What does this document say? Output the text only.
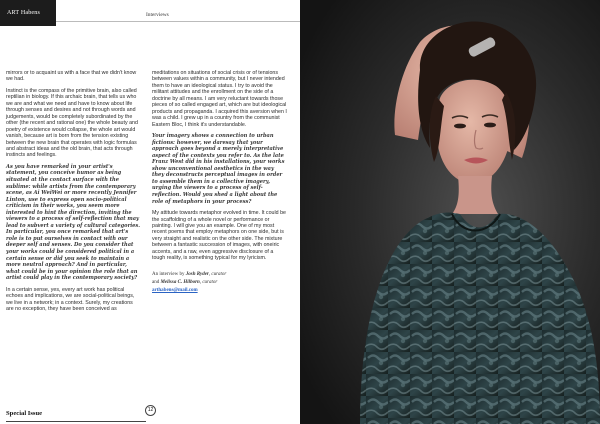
ART Habens	Interviews

mirrors or to acquaint us with a face that we didn't know we had.

Instinct is the compass of the primitive brain, also called reptilian in biology. If this archaic brain, that tells us who we are and what we need and have to know about life through senses and desires and not through words and judgements, would be completely subordinated by the other (the recent and rational one) the whole beauty and poetry of existence would collapse, the whole art would vanish, because art is born from the tension existing between the new brain that operates with logic formulas and abstract ideas and the old brain, that acts through instincts and feelings.

As you have remarked in your artist's statement, you conceive humor as being situated at the contact surface with the sublime: while artists from the contemporary scene, as Ai WeiWei or more recently Jennifer Linton, use to express open socio-political criticism in their works, you seem more interested to hint the direction, inviting the viewers to a process of self-reflection that may lead to subvert a variety of cultural categories. In particular, you once remarked that art's role is to put ourselves in contact with our deeper self and senses. Do you consider that your works could be considered political in a certain sense or did you seek to maintain a more neutral approach? And in particular, what could be in your opinion the role that an artist could play in the contemporary society?

In a certain sense, yes, every art work has political echoes and implications, we are social-political beings, we live in a network; in a context. Surely, my creations are no exception, they have been conceived as

meditations on situations of social crisis or of tensions between values within a community, but I never intended them to have an ideological status. I try to avoid the militant attitudes and the enrollment on the side of a doctrine by all means. I am very reluctant towards those pieces of so called engaged art, which are but ideological products and propaganda. I acquired this aversion when I was a child. I grew up in a country from the communist Eastern Bloc, I think it's understandable.

Your imagery shows a connection to urban fictions: however, we daresay that your approach goes beyond a merely interpretative aspect of the contexts you refer to. As the late Franz West did in his installations, your works show unconventional aesthetics in the way they deconstructs perceptual images in order to assemble them in a collective imagery, urging the viewers to a process of self-reflection. Would you shed a light about the role of metaphors in your process?

My attitude towards metaphor evolved in time. It could be the scaffolding of a whole novel or performance or painting. I will give you an example. One of my most recent poems that employ metaphors on one side, but is very straight and realistic on the other side. The mixture between a fantastic succession of images, with oneiric accents, and a raw, even aggressive disclosure of a tough reality, is something typical for my lyricism.

An interview by Josh Ryder, curator
and Melissa C. Hilborn, curator
arthabens@mail.com
Special Issue	12
